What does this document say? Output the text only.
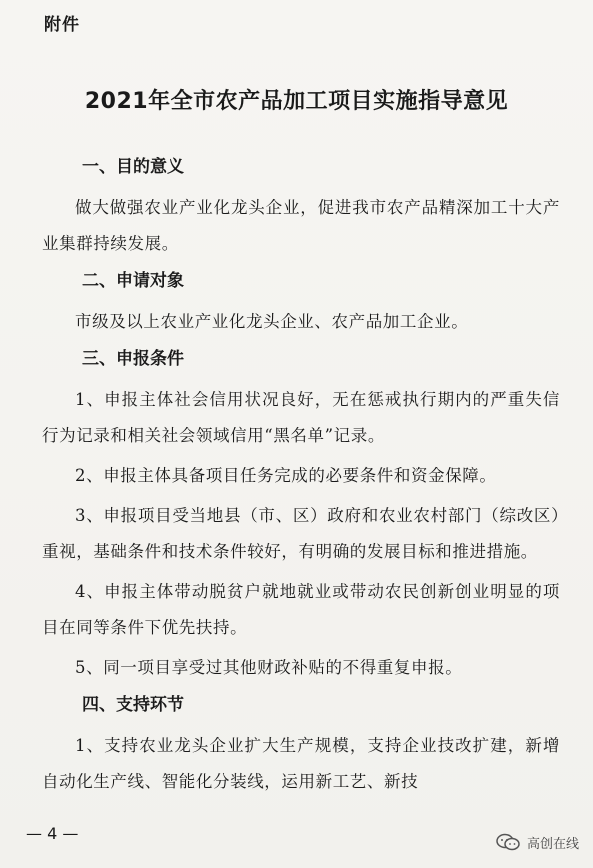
附件
2021年全市农产品加工项目实施指导意见
一、目的意义
做大做强农业产业化龙头企业，促进我市农产品精深加工十大产业集群持续发展。
二、申请对象
市级及以上农业产业化龙头企业、农产品加工企业。
三、申报条件
1、申报主体社会信用状况良好，无在惩戒执行期内的严重失信行为记录和相关社会领域信用“黑名单”记录。
2、申报主体具备项目任务完成的必要条件和资金保障。
3、申报项目受当地县（市、区）政府和农业农村部门（综改区）重视，基础条件和技术条件较好，有明确的发展目标和推进措施。
4、申报主体带动脱贫户就地就业或带动农民创新创业明显的项目在同等条件下优先扶持。
5、同一项目享受过其他财政补贴的不得重复申报。
四、支持环节
1、支持农业龙头企业扩大生产规模，支持企业技改扩建，新增自动化生产线、智能化分装线，运用新工艺、新技
— 4 —
高创在线
